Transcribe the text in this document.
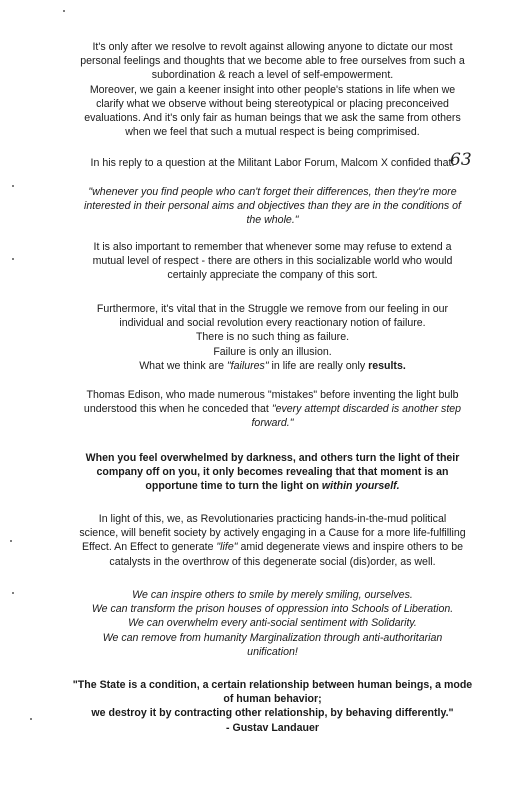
It's only after we resolve to revolt against allowing anyone to dictate our most
personal feelings and thoughts that we become able to free ourselves from such a
subordination & reach a level of self-empowerment.
Moreover, we gain a keener insight into other people's stations in life when we
clarify what we observe without being stereotypical or placing preconceived
evaluations. And it's only fair as human beings that we ask the same from others
when we feel that such a mutual respect is being comprimised.
63
In his reply to a question at the Militant Labor Forum, Malcom X confided that:
"whenever you find people who can't forget their differences, then they're more
interested in their personal aims and objectives than they are in the conditions of
the whole."
It is also important to remember that whenever some may refuse to extend a
mutual level of respect - there are others in this socializable world who would
certainly appreciate the company of this sort.
Furthermore, it's vital that in the Struggle we remove from our feeling in our
individual and social revolution every reactionary notion of failure.
There is no such thing as failure.
Failure is only an illusion.
What we think are "failures" in life are really only results.
Thomas Edison, who made numerous "mistakes" before inventing the light bulb
understood this when he conceded that "every attempt discarded is another step
forward."
When you feel overwhelmed by darkness, and others turn the light of their
company off on you, it only becomes revealing that that moment is an
opportune time to turn the light on within yourself.
In light of this, we, as Revolutionaries practicing hands-in-the-mud political
science, will benefit society by actively engaging in a Cause for a more life-fulfilling
Effect. An Effect to generate "life" amid degenerate views and inspire others to be
catalysts in the overthrow of this degenerate social (dis)order, as well.
We can inspire others to smile by merely smiling, ourselves.
We can transform the prison houses of oppression into Schools of Liberation.
We can overwhelm every anti-social sentiment with Solidarity.
We can remove from humanity Marginalization through anti-authoritarian
unification!
"The State is a condition, a certain relationship between human beings, a mode
of human behavior;
we destroy it by contracting other relationship, by behaving differently."
- Gustav Landauer
